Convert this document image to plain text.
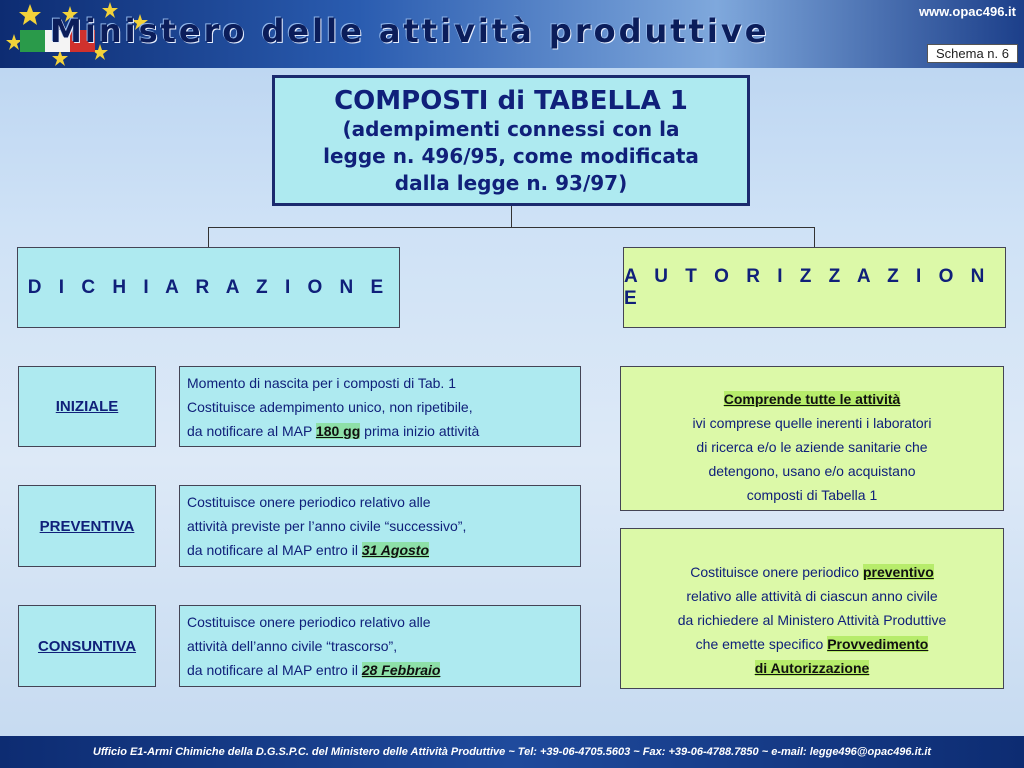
Ministero delle attività produttive
www.opac496.it
Schema n. 6
COMPOSTI di TABELLA 1
(adempimenti connessi con la
legge n. 496/95, come modificata
dalla legge n. 93/97)
D I C H I A R A Z I O N E
A U T O R I Z Z A Z I O N E
INIZIALE
Momento di nascita per i composti di Tab. 1
Costituisce adempimento unico, non ripetibile,
da notificare al MAP 180 gg prima inizio attività
PREVENTIVA
Costituisce onere periodico relativo alle
attività previste per l’anno civile “successivo”,
da notificare al MAP entro il 31 Agosto
CONSUNTIVA
Costituisce onere periodico relativo alle
attività dell’anno civile “trascorso”,
da notificare al MAP entro il 28 Febbraio
Comprende tutte le attività
ivi comprese quelle inerenti i laboratori
di ricerca e/o le aziende sanitarie che
detengono, usano e/o acquistano
composti di Tabella 1
Costituisce onere periodico preventivo
relativo alle attività di ciascun anno civile
da richiedere al Ministero Attività Produttive
che emette specifico Provvedimento
di Autorizzazione
Ufficio E1-Armi Chimiche della D.G.S.P.C. del Ministero delle Attività Produttive ~ Tel: +39-06-4705.5603 ~ Fax: +39-06-4788.7850 ~ e-mail: legge496@opac496.it.it
